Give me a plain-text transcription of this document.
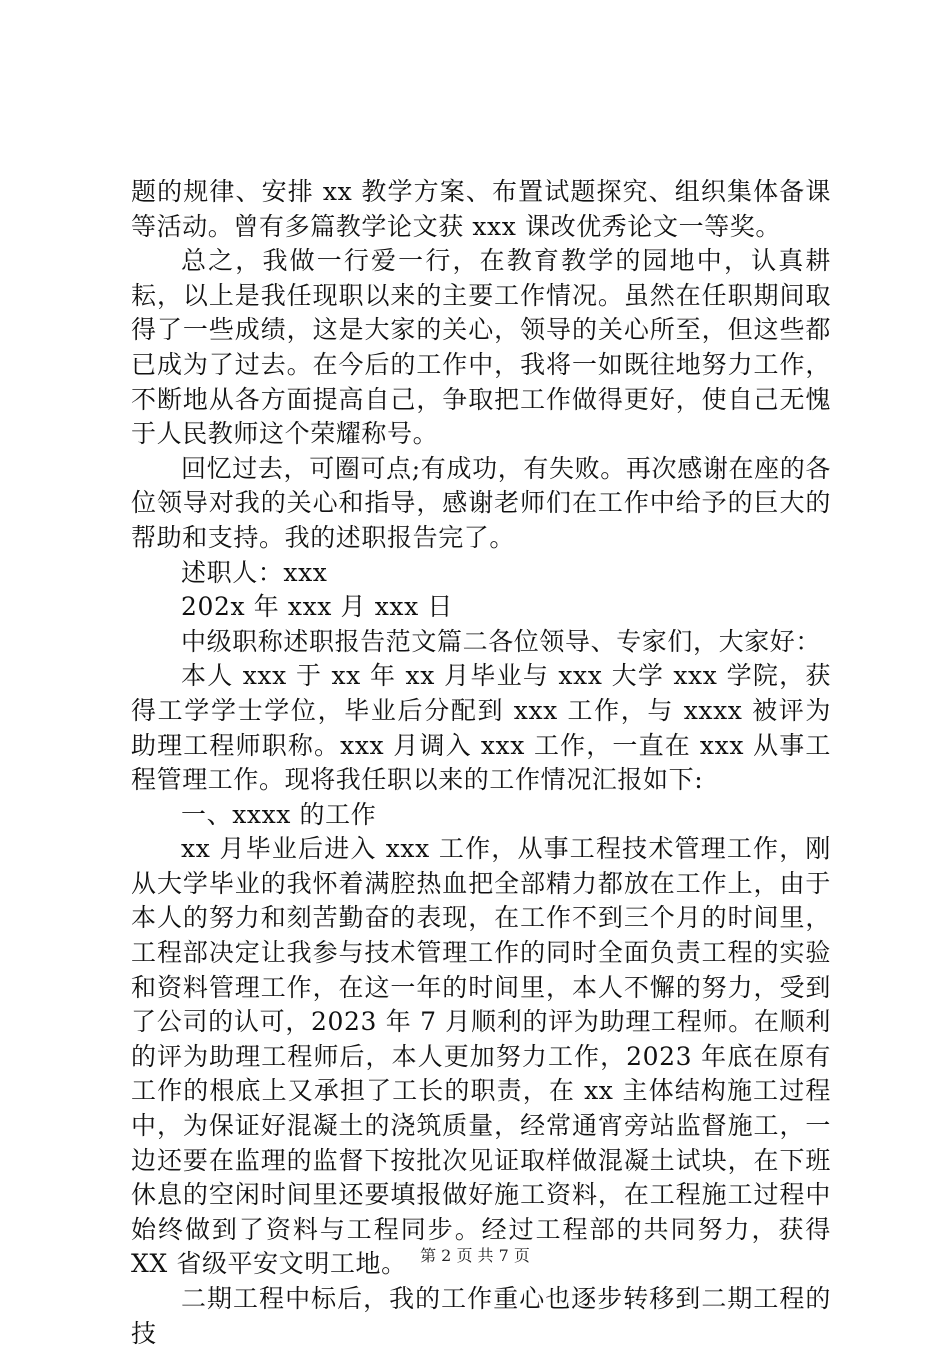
题的规律、安排 xx 教学方案、布置试题探究、组织集体备课等活动。曾有多篇教学论文获 xxx 课改优秀论文一等奖。

总之，我做一行爱一行，在教育教学的园地中，认真耕耘，以上是我任现职以来的主要工作情况。虽然在任职期间取得了一些成绩，这是大家的关心，领导的关心所至，但这些都已成为了过去。在今后的工作中，我将一如既往地努力工作，不断地从各方面提高自己，争取把工作做得更好，使自己无愧于人民教师这个荣耀称号。

回忆过去，可圈可点;有成功，有失败。再次感谢在座的各位领导对我的关心和指导，感谢老师们在工作中给予的巨大的帮助和支持。我的述职报告完了。

述职人：xxx

202x 年 xxx 月 xxx 日

中级职称述职报告范文篇二各位领导、专家们，大家好：

本人 xxx 于 xx 年 xx 月毕业与 xxx 大学 xxx 学院，获得工学学士学位，毕业后分配到 xxx 工作，与 xxxx 被评为助理工程师职称。xxx 月调入 xxx 工作，一直在 xxx 从事工程管理工作。现将我任职以来的工作情况汇报如下:

一、xxxx 的工作

xx 月毕业后进入 xxx 工作，从事工程技术管理工作，刚从大学毕业的我怀着满腔热血把全部精力都放在工作上，由于本人的努力和刻苦勤奋的表现，在工作不到三个月的时间里，工程部决定让我参与技术管理工作的同时全面负责工程的实验和资料管理工作，在这一年的时间里，本人不懈的努力，受到了公司的认可，2023 年 7 月顺利的评为助理工程师。在顺利的评为助理工程师后，本人更加努力工作，2023 年底在原有工作的根底上又承担了工长的职责，在 xx 主体结构施工过程中，为保证好混凝土的浇筑质量，经常通宵旁站监督施工，一边还要在监理的监督下按批次见证取样做混凝土试块，在下班休息的空闲时间里还要填报做好施工资料，在工程施工过程中始终做到了资料与工程同步。经过工程部的共同努力，获得 XX 省级平安文明工地。

二期工程中标后，我的工作重心也逐步转移到二期工程的技

第 2 页 共 7 页
